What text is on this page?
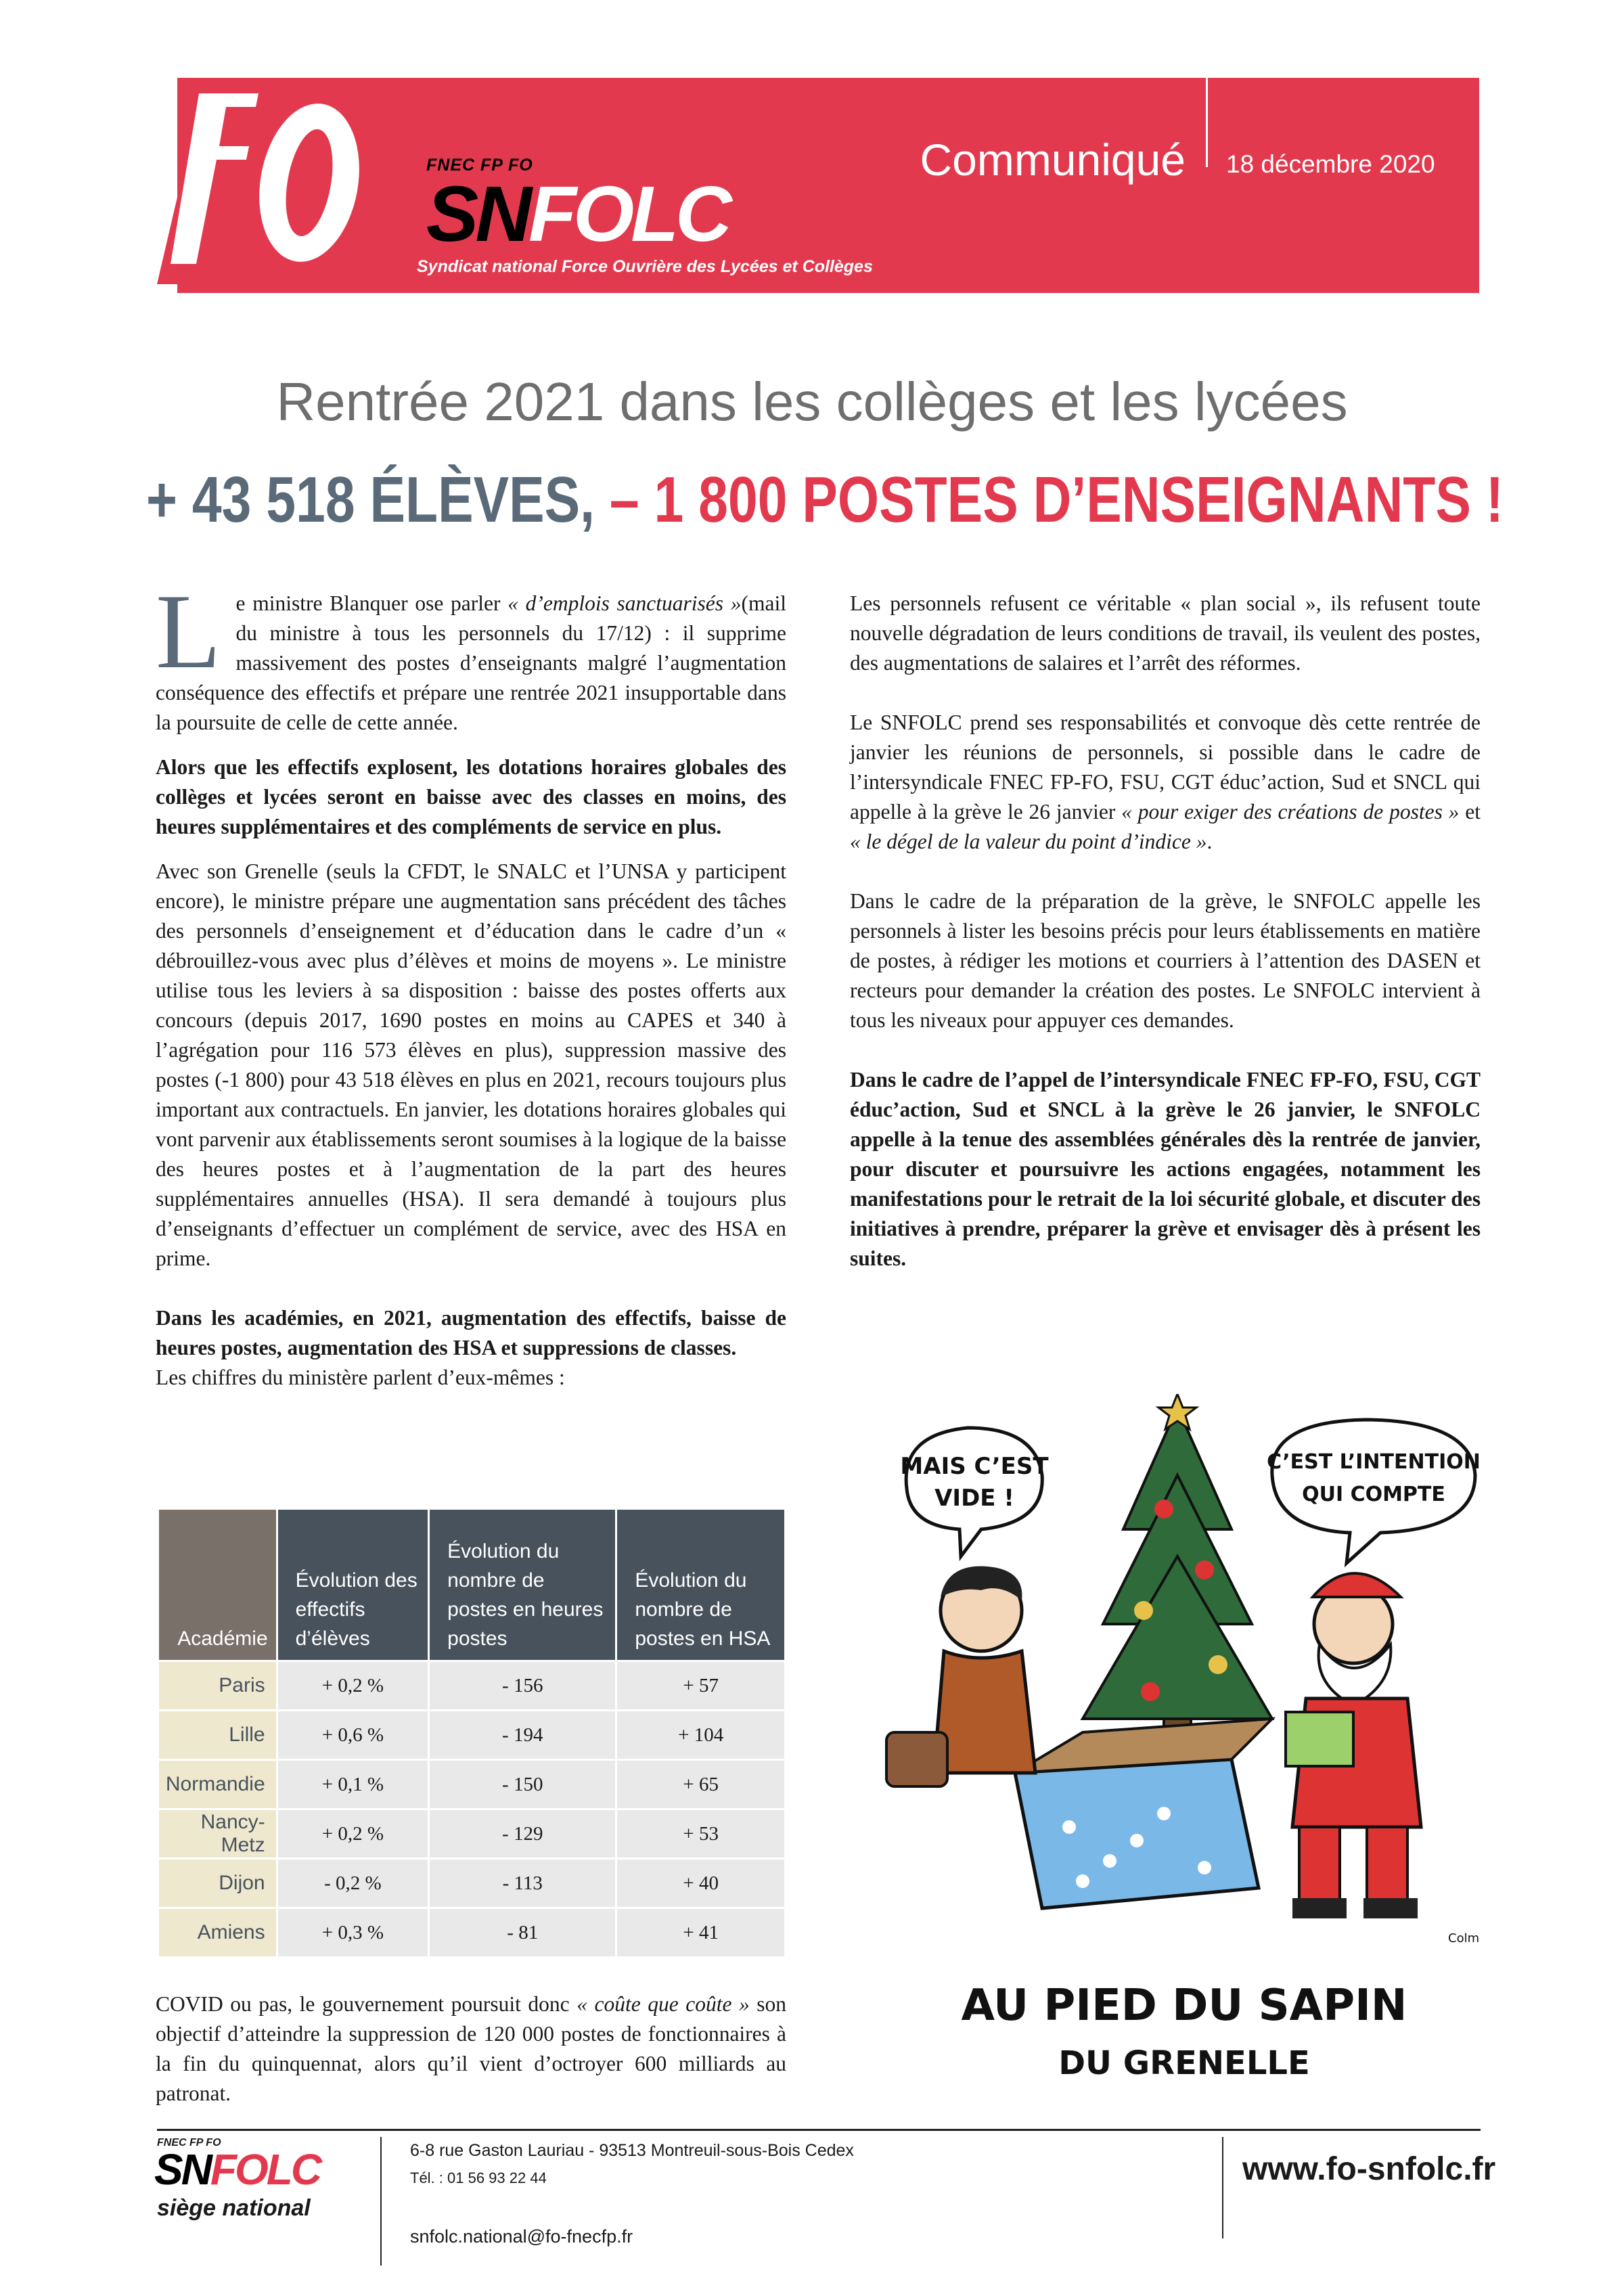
FNEC FP FO
SNFOLC
Syndicat national Force Ouvrière des Lycées et Collèges
Communiqué 18 décembre 2020
Rentrée 2021 dans les collèges et les lycées
+ 43 518 ÉLÈVES, – 1 800 POSTES D’ENSEIGNANTS !

Le ministre Blanquer ose parler « d’emplois sanctuarisés »(mail du ministre à tous les personnels du 17/12) : il supprime massivement des postes d’enseignants malgré l’augmentation conséquence des effectifs et prépare une rentrée 2021 insupportable dans la poursuite de celle de cette année.

Alors que les effectifs explosent, les dotations horaires globales des collèges et lycées seront en baisse avec des classes en moins, des heures supplémentaires et des compléments de service en plus.

Avec son Grenelle (seuls la CFDT, le SNALC et l’UNSA y participent encore), le ministre prépare une augmentation sans précédent des tâches des personnels d’enseignement et d’éducation dans le cadre d’un « débrouillez-vous avec plus d’élèves et moins de moyens ». Le ministre utilise tous les leviers à sa disposition : baisse des postes offerts aux concours (depuis 2017, 1690 postes en moins au CAPES et 340 à l’agrégation pour 116 573 élèves en plus), suppression massive des postes (-1 800) pour 43 518 élèves en plus en 2021, recours toujours plus important aux contractuels. En janvier, les dotations horaires globales qui vont parvenir aux établissements seront soumises à la logique de la baisse des heures postes et à l’augmentation de la part des heures supplémentaires annuelles (HSA). Il sera demandé à toujours plus d’enseignants d’effectuer un complément de service, avec des HSA en prime.

Dans les académies, en 2021, augmentation des effectifs, baisse de heures postes, augmentation des HSA et suppressions de classes.
Les chiffres du ministère parlent d’eux-mêmes :

Académie	Évolution des effectifs d’élèves	Évolution du nombre de postes en heures postes	Évolution du nombre de postes en HSA
Paris	+ 0,2 %	- 156	+ 57
Lille	+ 0,6 %	- 194	+ 104
Normandie	+ 0,1 %	- 150	+ 65
Nancy-Metz	+ 0,2 %	- 129	+ 53
Dijon	- 0,2 %	- 113	+ 40
Amiens	+ 0,3 %	- 81	+ 41

COVID ou pas, le gouvernement poursuit donc « coûte que coûte » son objectif d’atteindre la suppression de 120 000 postes de fonctionnaires à la fin du quinquennat, alors qu’il vient d’octroyer 600 milliards au patronat.

Les personnels refusent ce véritable « plan social », ils refusent toute nouvelle dégradation de leurs conditions de travail, ils veulent des postes, des augmentations de salaires et l’arrêt des réformes.

Le SNFOLC prend ses responsabilités et convoque dès cette rentrée de janvier les réunions de personnels, si possible dans le cadre de l’intersyndicale FNEC FP-FO, FSU, CGT éduc’action, Sud et SNCL qui appelle à la grève le 26 janvier « pour exiger des créations de postes » et « le dégel de la valeur du point d’indice ».

Dans le cadre de la préparation de la grève, le SNFOLC appelle les personnels à lister les besoins précis pour leurs établissements en matière de postes, à rédiger les motions et courriers à l’attention des DASEN et recteurs pour demander la création des postes. Le SNFOLC intervient à tous les niveaux pour appuyer ces demandes.

Dans le cadre de l’appel de l’intersyndicale FNEC FP-FO, FSU, CGT éduc’action, Sud et SNCL à la grève le 26 janvier, le SNFOLC appelle à la tenue des assemblées générales dès la rentrée de janvier, pour discuter et poursuivre les actions engagées, notamment les manifestations pour le retrait de la loi sécurité globale, et discuter des initiatives à prendre, préparer la grève et envisager dès à présent les suites.

MAIS C’EST
VIDE !
C’EST L’INTENTION
QUI COMPTE
Colm
AU PIED DU SAPIN
DU GRENELLE
FNEC FP FO
SNFOLC
siège national
6-8 rue Gaston Lauriau - 93513 Montreuil-sous-Bois Cedex
Tél. : 01 56 93 22 44
snfolc.national@fo-fnecfp.fr
www.fo-snfolc.fr
